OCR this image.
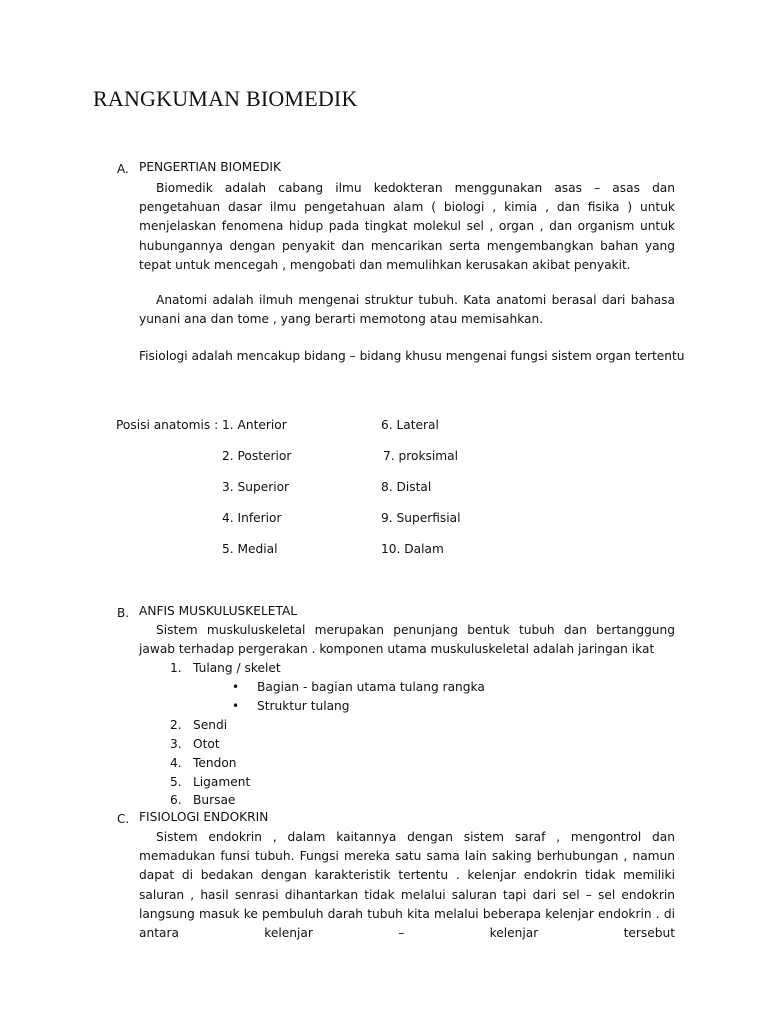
RANGKUMAN BIOMEDIK
A. PENGERTIAN BIOMEDIK
Biomedik adalah cabang ilmu kedokteran menggunakan asas – asas dan pengetahuan dasar ilmu pengetahuan alam ( biologi , kimia , dan fisika ) untuk menjelaskan fenomena hidup pada tingkat molekul sel , organ , dan organism untuk hubungannya dengan penyakit dan mencarikan serta mengembangkan bahan yang tepat untuk mencegah , mengobati dan memulihkan kerusakan akibat penyakit.
Anatomi adalah ilmuh mengenai struktur tubuh. Kata anatomi berasal dari bahasa yunani ana dan tome , yang berarti memotong atau memisahkan.
Fisiologi adalah mencakup bidang – bidang khusu mengenai fungsi sistem organ tertentu
Posisi anatomis : 1. Anterior
2. Posterior
3. Superior
4. Inferior
5. Medial
6. Lateral
7. proksimal
8. Distal
9. Superfisial
10. Dalam
B. ANFIS MUSKULUSKELETAL
Sistem muskuluskeletal merupakan penunjang bentuk tubuh dan bertanggung jawab terhadap pergerakan . komponen utama muskuluskeletal adalah jaringan ikat
1. Tulang / skelet
• Bagian - bagian utama tulang rangka
• Struktur tulang
2. Sendi
3. Otot
4. Tendon
5. Ligament
6. Bursae
C. FISIOLOGI ENDOKRIN
Sistem endokrin , dalam kaitannya dengan sistem saraf , mengontrol dan memadukan funsi tubuh. Fungsi mereka satu sama lain saking berhubungan , namun dapat di bedakan dengan karakteristik tertentu . kelenjar endokrin tidak memiliki saluran , hasil senrasi dihantarkan tidak melalui saluran tapi dari sel – sel endokrin langsung masuk ke pembuluh darah tubuh kita melalui beberapa kelenjar endokrin . di antara kelenjar – kelenjar tersebut
